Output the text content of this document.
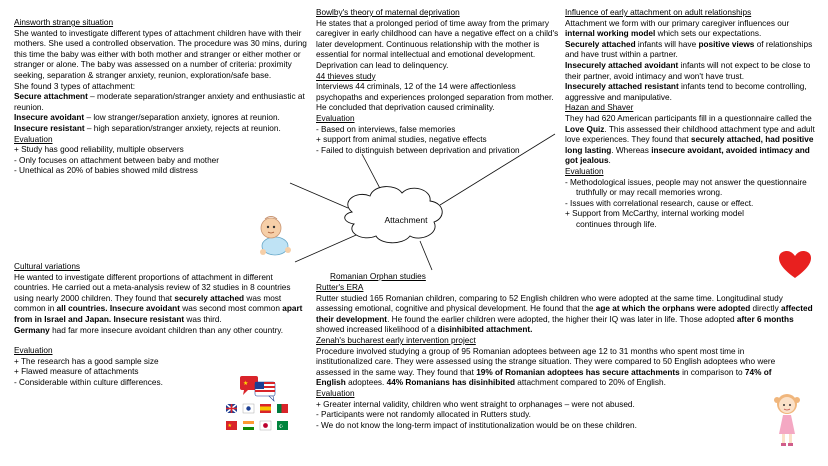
Attachment

Ainsworth strange situation

She wanted to investigate different types of attachment children have with their mothers. She used a controlled observation. The procedure was 30 mins, during this time the baby was either with both mother and stranger or either mother or stranger or alone. The baby was assessed on a number of criteria: proximity seeking, separation & stranger anxiety, reunion, exploration/safe base.

She found 3 types of attachment:

Secure attachment – moderate separation/stranger anxiety and enthusiastic at reunion.

Insecure avoidant – low stranger/separation anxiety, ignores at reunion.

Insecure resistant – high separation/stranger anxiety, rejects at reunion.

Evaluation

+ Study has good reliability, multiple observers

- Only focuses on attachment between baby and mother

- Unethical as 20% of babies showed mild distress

Cultural variations

He wanted to investigate different proportions of attachment in different countries. He carried out a meta-analysis review of 32 studies in 8 countries using nearly 2000 children. They found that securely attached was most common in all countries. Insecure avoidant was second most common apart from in Israel and Japan. Insecure resistant was third.

Germany had far more insecure avoidant children than any other country.

Evaluation

+ The research has a good sample size

+ Flawed measure of attachments

- Considerable within culture differences.

Bowlby's theory of maternal deprivation

He states that a prolonged period of time away from the primary caregiver in early childhood can have a negative effect on a child's later development. Continuous relationship with the mother is essential for normal intellectual and emotional development.

Deprivation can lead to delinquency.

44 thieves study

Interviews 44 criminals, 12 of the 14 were affectionless psychopaths and experiences prolonged separation from mother. He concluded that deprivation caused criminality.

Evaluation

- Based on interviews, false memories

+ support from animal studies, negative effects

- Failed to distinguish between deprivation and privation

Influence of early attachment on adult relationships

Attachment we form with our primary caregiver influences our internal working model which sets our expectations.

Securely attached infants will have positive views of relationships and have trust within a partner.

Insecurely attached avoidant infants will not expect to be close to their partner, avoid intimacy and won't have trust.

Insecurely attached resistant infants tend to become controlling, aggressive and manipulative.

Hazan and Shaver

They had 620 American participants fill in a questionnaire called the Love Quiz. This assessed their childhood attachment type and adult love experiences. They found that securely attached, had positive long lasting. Whereas insecure avoidant, avoided intimacy and got jealous.

Evaluation

- Methodological issues, people may not answer the questionnaire truthfully or may recall memories wrong.

- Issues with correlational research, cause or effect.

+ Support from McCarthy, internal working model continues through life.

Romanian Orphan studies

Rutter's ERA

Rutter studied 165 Romanian children, comparing to 52 English children who were adopted at the same time. Longitudinal study assessing emotional, cognitive and physical development. He found that the age at which the orphans were adopted directly affected their development. He found the earlier children were adopted, the higher their IQ was later in life. Those adopted after 6 months showed increased likelihood of a disinhibited attachment.

Zenah's bucharest early intervention project

Procedure involved studying a group of 95 Romanian adoptees between age 12 to 31 months who spent most time in institutionalized care. They were assessed using the strange situation. They were compared to 50 English adoptees who were assessed in the same way. They found that 19% of Romanian adoptees has secure attachments in comparison to 74% of English adoptees. 44% Romanians has disinhibited attachment compared to 20% of English.

Evaluation

+ Greater internal validity, children who went straight to orphanages – were not abused.

- Participants were not randomly allocated in Rutters study.

- We do not know the long-term impact of institutionalization would be on these children.

★
★	☪
